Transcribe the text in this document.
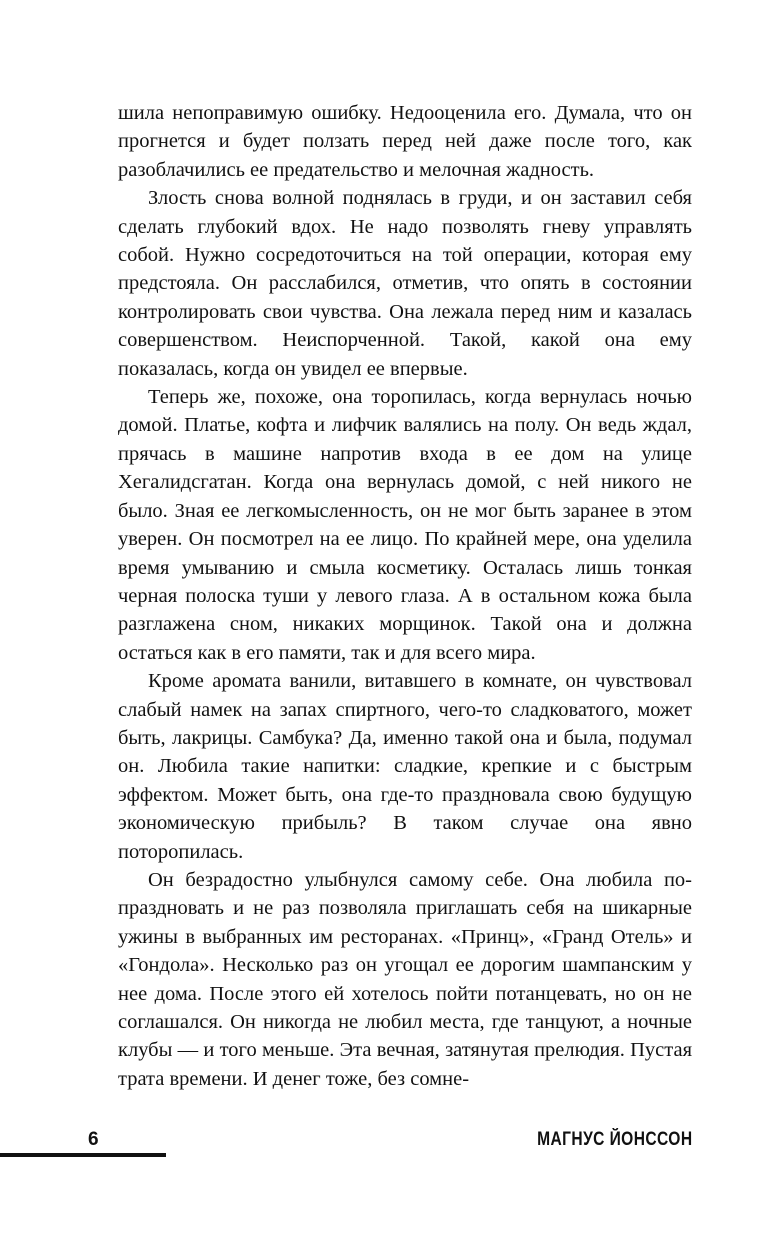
шила непоправимую ошибку. Недооценила его. Думала, что он прогнется и будет ползать перед ней даже после того, как разоблачились ее предательство и мелочная жадность.

Злость снова волной поднялась в груди, и он заставил себя сделать глубокий вдох. Не надо позволять гневу управлять собой. Нужно сосредоточиться на той операции, которая ему предстояла. Он расслабился, отметив, что опять в состоянии контролировать свои чувства. Она лежала перед ним и казалась совершенством. Неиспорченной. Такой, какой она ему показалась, когда он увидел ее впервые.

Теперь же, похоже, она торопилась, когда вернулась ночью домой. Платье, кофта и лифчик валялись на полу. Он ведь ждал, прячась в машине напротив входа в ее дом на улице Хегалидсгатан. Когда она вернулась домой, с ней никого не было. Зная ее легкомысленность, он не мог быть заранее в этом уверен. Он посмотрел на ее лицо. По крайней мере, она уделила время умыванию и смыла косметику. Осталась лишь тонкая черная полоска туши у левого глаза. А в остальном кожа была разглажена сном, никаких морщинок. Такой она и должна остаться как в его памяти, так и для всего мира.

Кроме аромата ванили, витавшего в комнате, он чувствовал слабый намек на запах спиртного, чего-то сладковатого, может быть, лакрицы. Самбука? Да, именно такой она и была, подумал он. Любила такие напитки: сладкие, крепкие и с быстрым эффектом. Может быть, она где-то праздновала свою будущую экономическую прибыль? В таком случае она явно поторопилась.

Он безрадостно улыбнулся самому себе. Она любила попраздновать и не раз позволяла приглашать себя на шикарные ужины в выбранных им ресторанах. «Принц», «Гранд Отель» и «Гондола». Несколько раз он угощал ее дорогим шампанским у нее дома. После этого ей хотелось пойти потанцевать, но он не соглашался. Он никогда не любил места, где танцуют, а ночные клубы — и того меньше. Эта вечная, затянутая прелюдия. Пустая трата времени. И денег тоже, без сомне-

6	МАГНУС ЙОНССОН
